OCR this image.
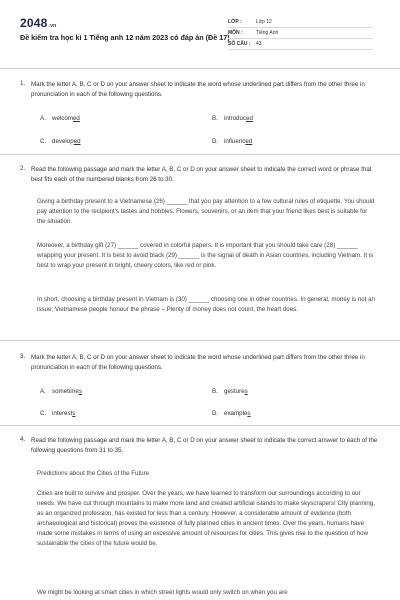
2048.vn
Đề kiểm tra học kì 1 Tiếng anh 12 năm 2023 có đáp án (Đề 17)
LỚP :	Lớp 12
MÔN :	Tiếng Anh
SỐ CÂU :	43
1. Mark the letter A, B, C or D on your answer sheet to indicate the word whose underlined part differs from the other three in pronunciation in each of the following questions.
A. welcomed	B. introduced
C. developed	D. influenced
2. Read the following passage and mark the letter A, B, C or D on your answer sheet to indicate the correct word or phrase that best fits each of the numbered blanks from 26 to 30.
Giving a birthday present to a Vietnamese (26) ______ that you pay attention to a few cultural rules of etiquette. You should pay attention to the recipient's tastes and hobbies. Flowers, souvenirs, or an item that your friend likes best is suitable for the situation.
Moreover, a birthday gift (27) ______ covered in colorful papers. It is important that you should take care (28) ______ wrapping your present. It is best to avoid black (29) ______ is the signal of death in Asian countries, including Vietnam. It is best to wrap your present in bright, cheery colors, like red or pink.
In short, choosing a birthday present in Vietnam is (30) ______ choosing one in other countries. In general, money is not an issue; Vietnamese people honour the phrase – Plenty of money does not count, the heart does.
3. Mark the letter A, B, C or D on your answer sheet to indicate the word whose underlined part differs from the other three in pronunciation in each of the following questions.
A. sometimes	B. gestures
C. interests	D. examples
4. Read the following passage and mark the letter A, B, C or D on your answer sheet to indicate the correct answer to each of the following questions from 31 to 35.
Predictions about the Cities of the Future
Cities are built to survive and prosper. Over the years, we have learned to transform our surroundings according to our needs. We have cut through mountains to make more land and created artificial islands to make skyscrapers! City planning, as an organized profession, has existed for less than a century. However, a considerable amount of evidence (both archaeological and historical) proves the existence of fully planned cities in ancient times. Over the years, humans have made some mistakes in terms of using an excessive amount of resources for cities. This gives rise to the question of how sustainable the cities of the future would be.
We might be looking at smart cities in which street lights would only switch on when you are
